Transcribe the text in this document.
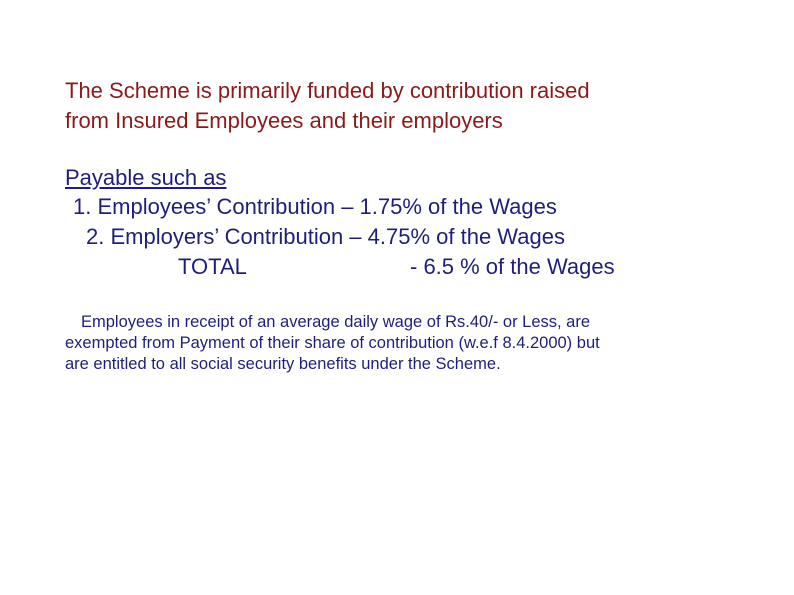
The Scheme is primarily funded by contribution raised
from Insured Employees and their employers
Payable such as
1. Employees’ Contribution – 1.75% of the Wages
2. Employers’ Contribution – 4.75% of the Wages
TOTAL	- 6.5 % of the Wages

Employees in receipt of an average daily wage of Rs.40/- or Less, are
exempted from Payment of their share of contribution (w.e.f 8.4.2000) but
are entitled to all social security benefits under the Scheme.
